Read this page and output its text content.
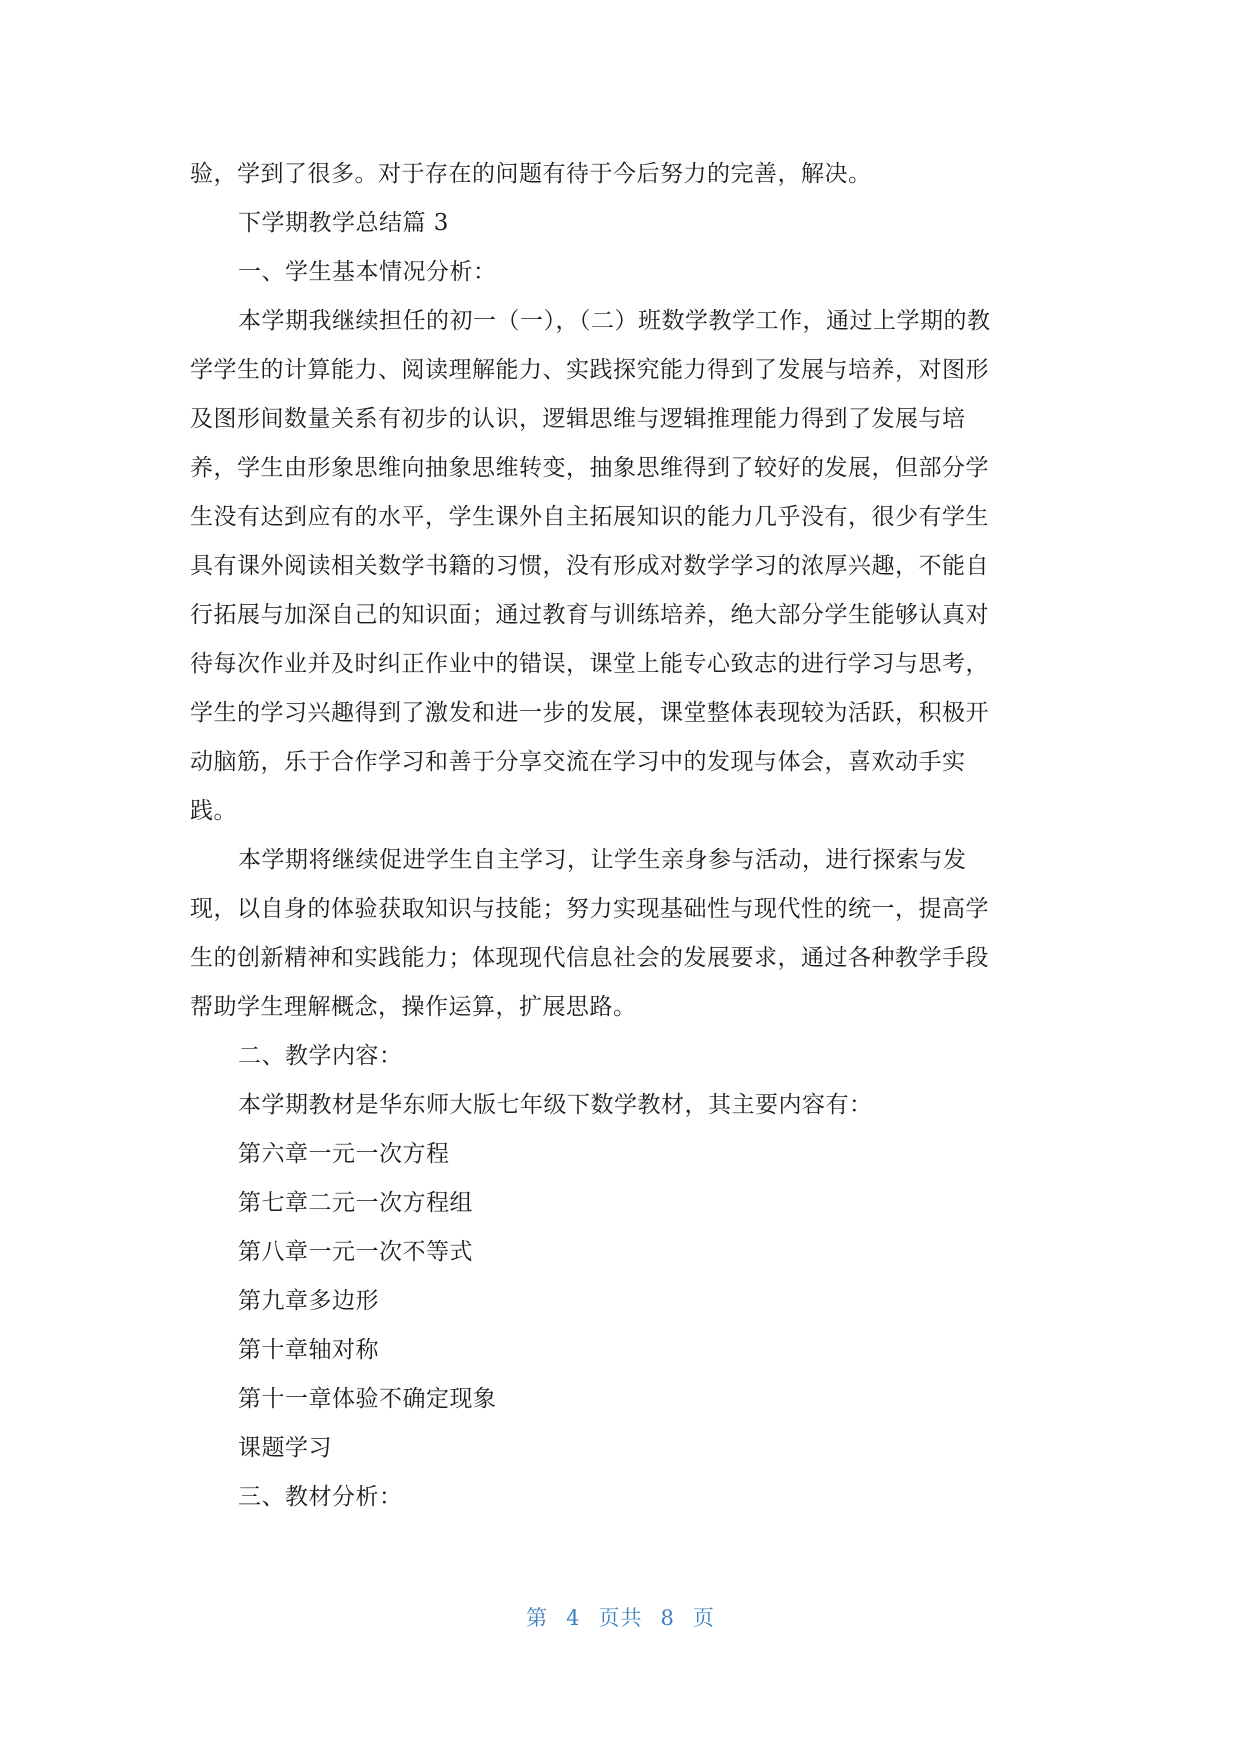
验，学到了很多。对于存在的问题有待于今后努力的完善，解决。
下学期教学总结篇 3
一、学生基本情况分析：
本学期我继续担任的初一（一），（二）班数学教学工作，通过上学期的教
学学生的计算能力、阅读理解能力、实践探究能力得到了发展与培养，对图形
及图形间数量关系有初步的认识，逻辑思维与逻辑推理能力得到了发展与培
养，学生由形象思维向抽象思维转变，抽象思维得到了较好的发展，但部分学
生没有达到应有的水平，学生课外自主拓展知识的能力几乎没有，很少有学生
具有课外阅读相关数学书籍的习惯，没有形成对数学学习的浓厚兴趣，不能自
行拓展与加深自己的知识面；通过教育与训练培养，绝大部分学生能够认真对
待每次作业并及时纠正作业中的错误，课堂上能专心致志的进行学习与思考，
学生的学习兴趣得到了激发和进一步的发展，课堂整体表现较为活跃，积极开
动脑筋，乐于合作学习和善于分享交流在学习中的发现与体会，喜欢动手实
践。
本学期将继续促进学生自主学习，让学生亲身参与活动，进行探索与发
现，以自身的体验获取知识与技能；努力实现基础性与现代性的统一，提高学
生的创新精神和实践能力；体现现代信息社会的发展要求，通过各种教学手段
帮助学生理解概念，操作运算，扩展思路。
二、教学内容：
本学期教材是华东师大版七年级下数学教材，其主要内容有：
第六章一元一次方程
第七章二元一次方程组
第八章一元一次不等式
第九章多边形
第十章轴对称
第十一章体验不确定现象
课题学习
三、教材分析：
第 4 页共 8 页
